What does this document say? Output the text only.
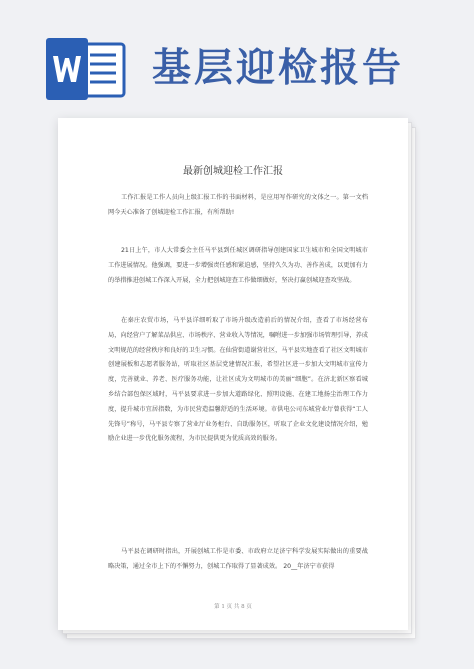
基层迎检报告
最新创城迎检工作汇报

工作汇报是工作人员向上级汇报工作的书面材料，是应用写作研究的文体之一。第一文档网今天心准备了创城迎检工作汇报，有所帮助!

21日上午，市人大常委会主任马平县到任城区调研指导创建国家卫生城市和全国文明城市工作进展情况。他强调，要进一步增强责任感和紧迫感，坚持久久为功、善作善成，以更加有力的举措推进创城工作深入开展，全力把创城迎查工作做细做好，坚决打赢创城迎查攻坚战。

在秦庄农贸市场，马平县详细听取了市场升级改造前后的情况介绍，查看了市场经营布局，向经营户了解菜品供应、市场秩序、营业收入等情况，嘱咐进一步加强市场管理引导，养成文明规范的经营秩序和良好的卫生习惯。在仙营街道谢营社区，马平县实地查看了社区文明城市创建展板和志愿者服务站，听取社区基层党建情况汇报，希望社区进一步加大文明城市宣传力度，完善就业、养老、医疗服务功能，让社区成为文明城市的美丽“细胞”。在济北新区察看城乡结合部包保区域时，马平县要求进一步加大道路绿化、照明设施、在建工地扬尘治理工作力度，提升城市宜居指数，为市民营造温馨舒适的生活环境。市供电公司东城营业厅曾获得“工人先锋号”称号，马平县专察了营业厅业务柜台、自助服务区，听取了企业文化建设情况介绍，勉励企业进一步优化服务流程，为市民提供更为优质高效的服务。

马平县在调研时指出，开展创城工作是市委、市政府立足济宁科学发展实际做出的重要战略决策，通过全市上下的不懈努力，创城工作取得了显著成效。 20__年济宁市获得

第 1 页 共 8 页
